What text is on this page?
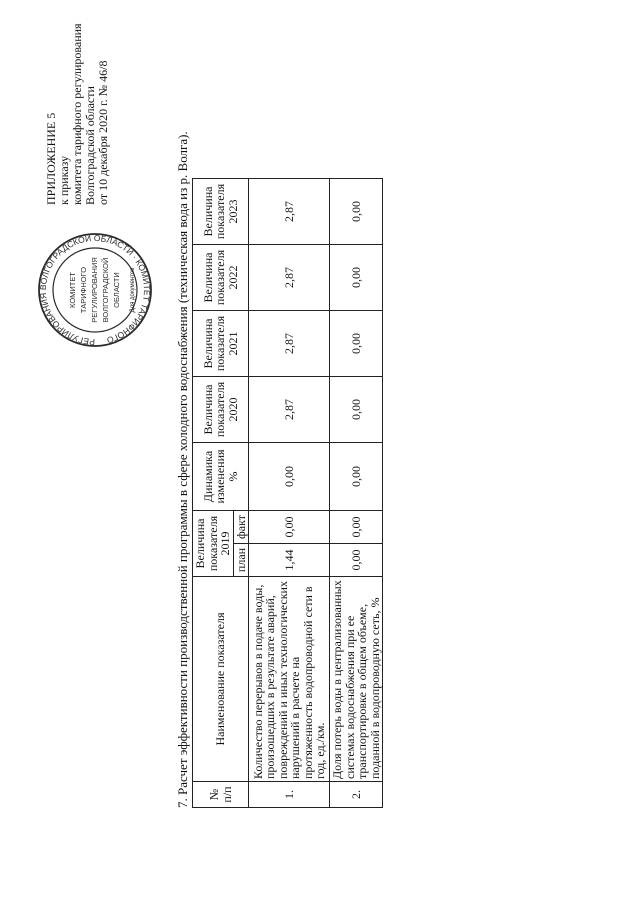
РЕГУЛИРОВАНИЯ ВОЛГОГРАДСКОЙ ОБЛАСТИ · КОМИТЕТ ТАРИФНОГО
КОМИТЕТ ТАРИФНОГО РЕГУЛИРОВАНИЯ ВОЛГОГРАДСКОЙ ОБЛАСТИ Для документов
ПРИЛОЖЕНИЕ 5 к приказу комитета тарифного регулирования Волгоградской области от 10 декабря 2020 г. № 46/8	7. Расчет эффективности производственной программы в сфере холодного водоснабжения (техническая вода из р. Волга). № п/п	Наименование показателя	Величина показателя 2019		Динамика изменения %	Величина показателя 2020	Величина показателя 2021	Величина показателя 2022	Величина показателя 2023
		план	факт					
1.	Количество перерывов в подаче воды, произошедших в результате аварий, повреждений и иных технологических нарушений в расчете на протяженность водопроводной сети в год, ед./км.	1,44	0,00	0,00	2,87	2,87	2,87	2,87
2.	Доля потерь воды в централизованных системах водоснабжения при ее транспортировке в общем объеме, поданной в водопроводную сеть, %	0,00	0,00	0,00	0,00	0,00	0,00	0,00
